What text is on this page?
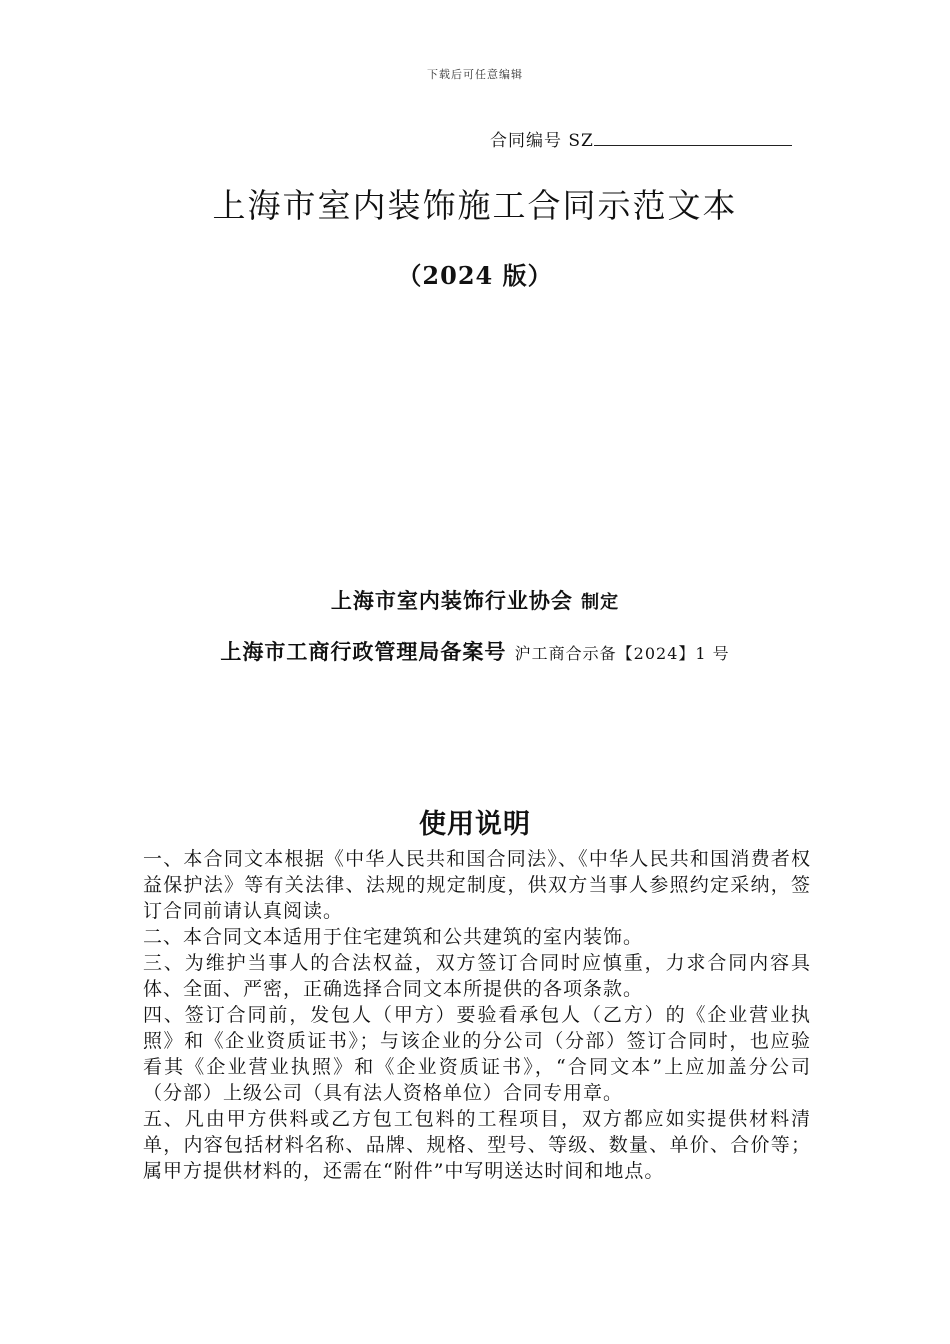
下载后可任意编辑
合同编号 SZ
上海市室内装饰施工合同示范文本
（2024 版）
上海市室内装饰行业协会 制定
上海市工商行政管理局备案号 沪工商合示备【2024】1 号
使用说明

一、本合同文本根据《中华人民共和国合同法》、《中华人民共和国消费者权益保护法》等有关法律、法规的规定制度，供双方当事人参照约定采纳，签订合同前请认真阅读。

二、本合同文本适用于住宅建筑和公共建筑的室内装饰。

三、为维护当事人的合法权益，双方签订合同时应慎重，力求合同内容具体、全面、严密，正确选择合同文本所提供的各项条款。

四、签订合同前，发包人（甲方）要验看承包人（乙方）的《企业营业执照》和《企业资质证书》；与该企业的分公司（分部）签订合同时，也应验看其《企业营业执照》和《企业资质证书》，“合同文本”上应加盖分公司（分部）上级公司（具有法人资格单位）合同专用章。

五、凡由甲方供料或乙方包工包料的工程项目，双方都应如实提供材料清单，内容包括材料名称、品牌、规格、型号、等级、数量、单价、合价等；属甲方提供材料的，还需在“附件”中写明送达时间和地点。
